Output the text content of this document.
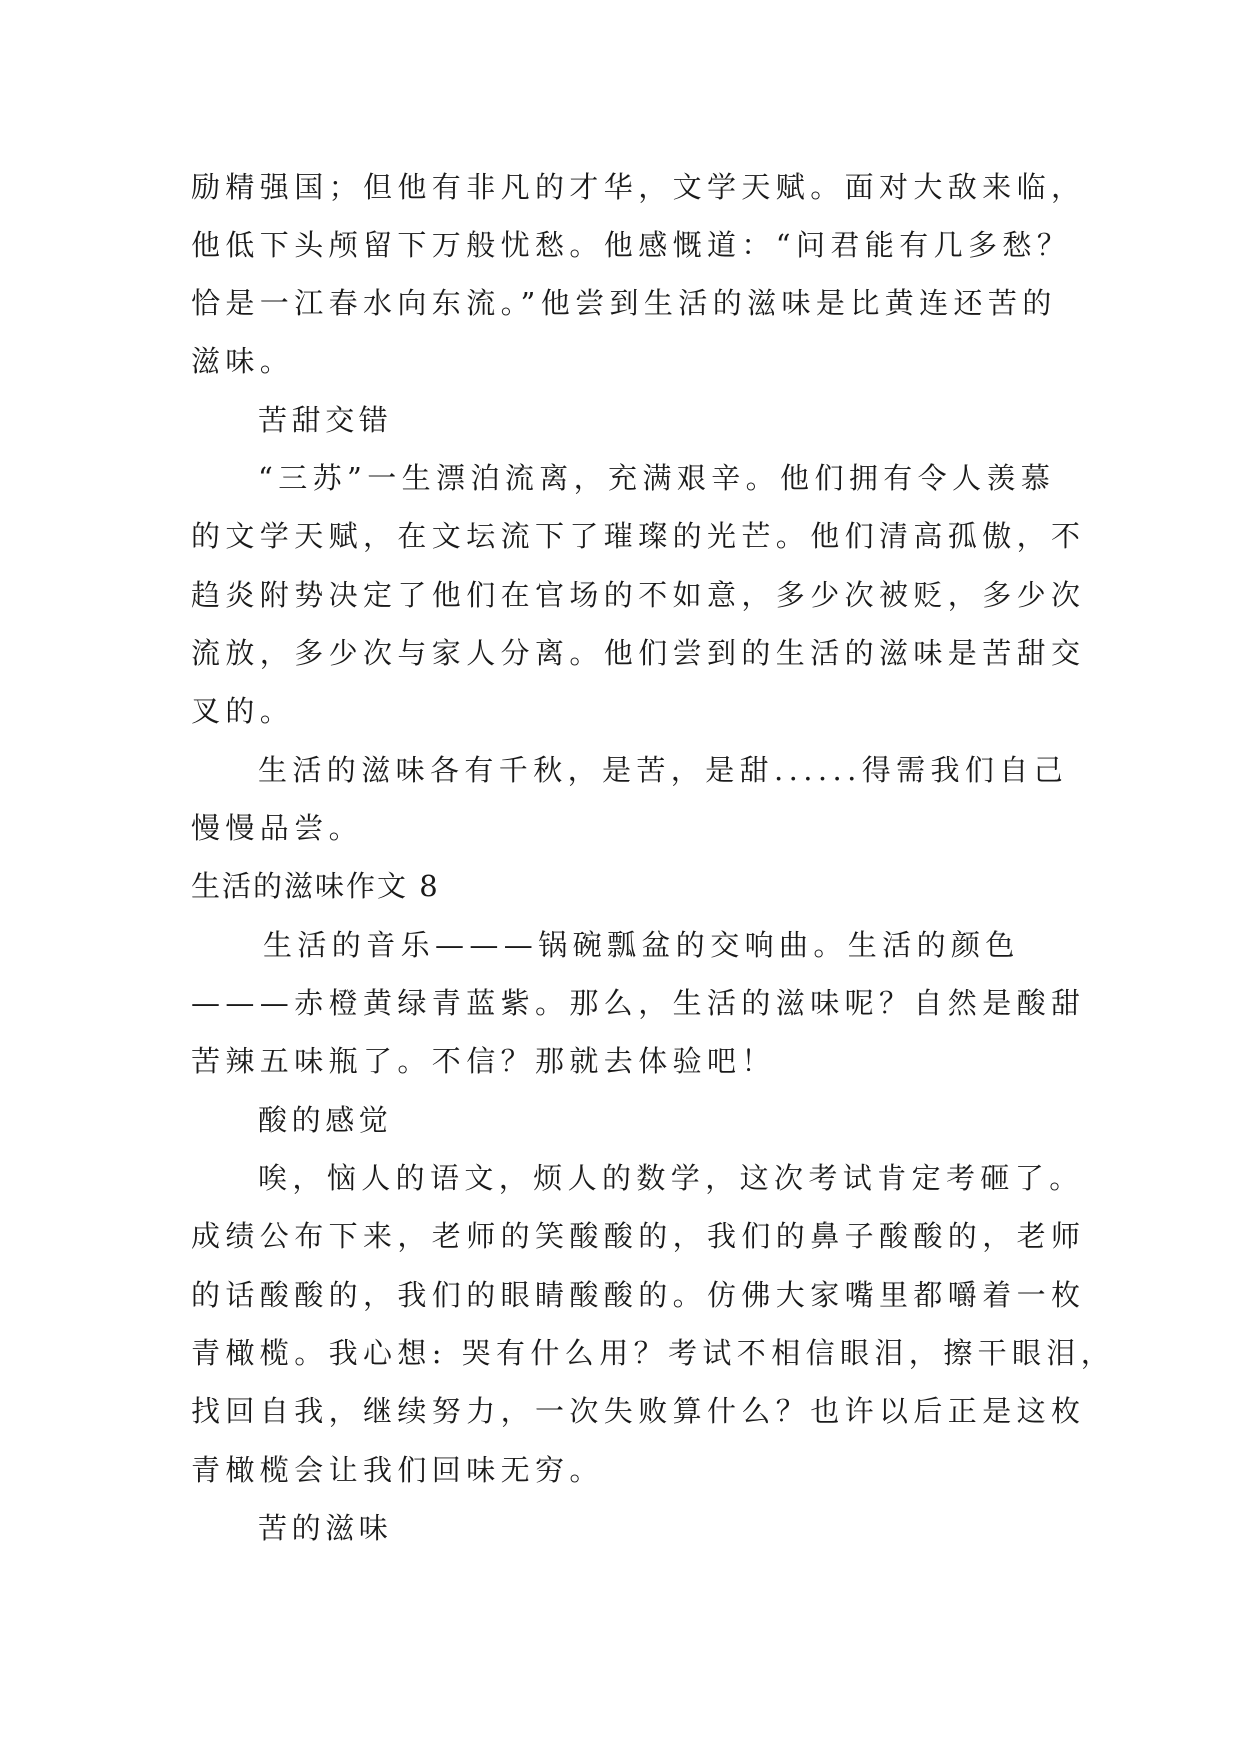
励精强国；但他有非凡的才华，文学天赋。面对大敌来临，

他低下头颅留下万般忧愁。他感慨道：“问君能有几多愁？

恰是一江春水向东流。”他尝到生活的滋味是比黄连还苦的

滋味。

苦甜交错

“三苏”一生漂泊流离，充满艰辛。他们拥有令人羡慕

的文学天赋，在文坛流下了璀璨的光芒。他们清高孤傲，不

趋炎附势决定了他们在官场的不如意，多少次被贬，多少次

流放，多少次与家人分离。他们尝到的生活的滋味是苦甜交

叉的。

生活的滋味各有千秋，是苦，是甜......得需我们自己

慢慢品尝。

生活的滋味作文 8

生活的音乐———锅碗瓢盆的交响曲。生活的颜色

———赤橙黄绿青蓝紫。那么，生活的滋味呢？自然是酸甜

苦辣五味瓶了。不信？那就去体验吧！

酸的感觉

唉，恼人的语文，烦人的数学，这次考试肯定考砸了。

成绩公布下来，老师的笑酸酸的，我们的鼻子酸酸的，老师

的话酸酸的，我们的眼睛酸酸的。仿佛大家嘴里都嚼着一枚

青橄榄。我心想: 哭有什么用？考试不相信眼泪，擦干眼泪，

找回自我，继续努力，一次失败算什么？也许以后正是这枚

青橄榄会让我们回味无穷。

苦的滋味
